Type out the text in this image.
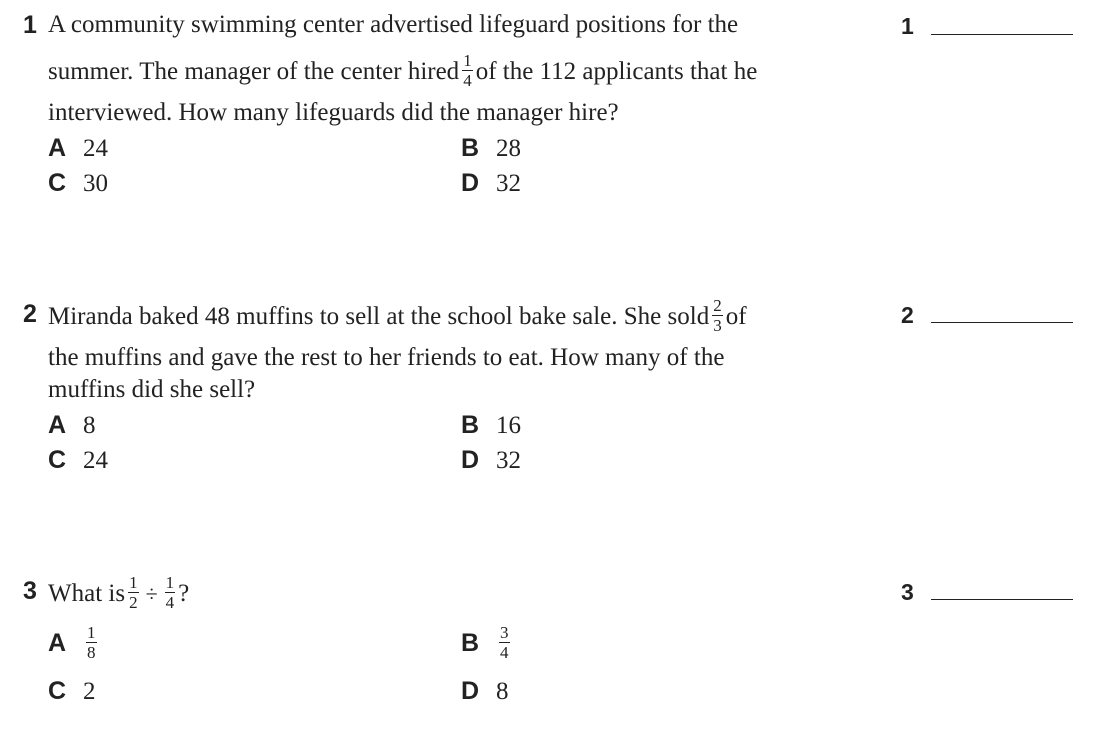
1 A community swimming center advertised lifeguard positions for the
summer. The manager of the center hired $\frac{1}{4}$ of the 112 applicants that he
interviewed. How many lifeguards did the manager hire?
A 24	B 28
C 30	D 32
1
2 Miranda baked 48 muffins to sell at the school bake sale. She sold $\frac{2}{3}$ of
the muffins and gave the rest to her friends to eat. How many of the
muffins did she sell?
A 8	B 16
C 24	D 32
2
3 What is $\frac{1}{2} \div \frac{1}{4}$ ?
A $\frac{1}{8}$	B $\frac{3}{4}$
C 2	D 8
3
